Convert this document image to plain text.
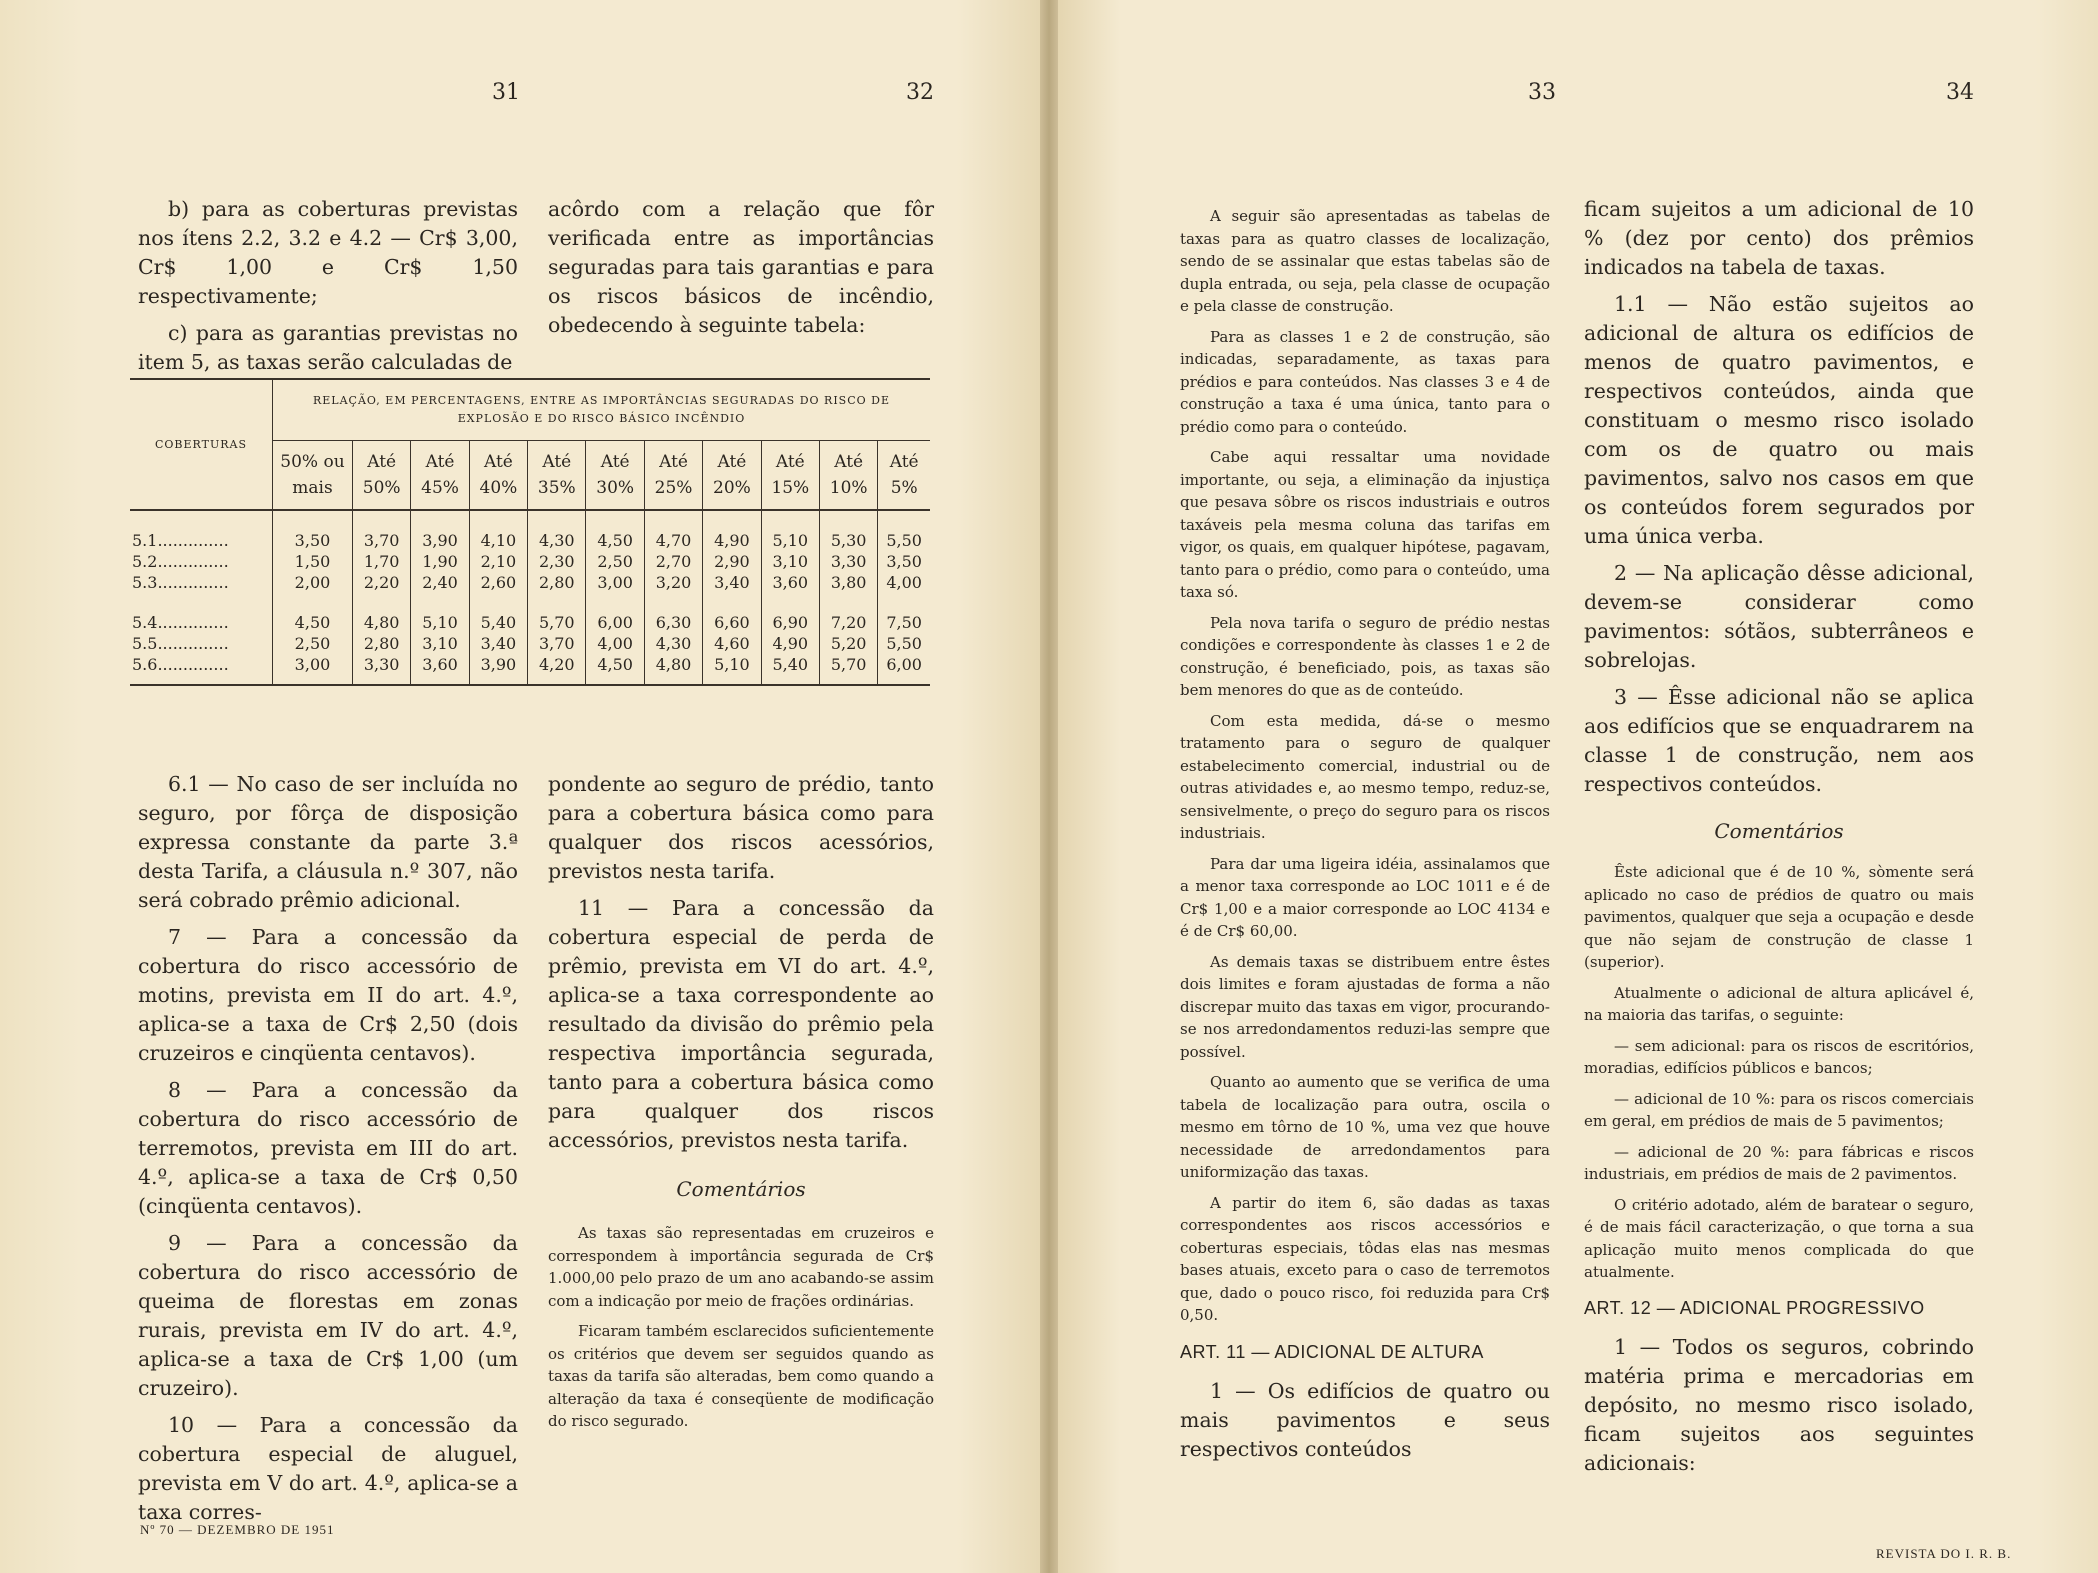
31	32

b) para as coberturas previstas nos ítens 2.2, 3.2 e 4.2 — Cr$ 3,00, Cr$ 1,00 e Cr$ 1,50 respectivamente;

c) para as garantias previstas no item 5, as taxas serão calculadas de

acôrdo com a relação que fôr verificada entre as importâncias seguradas para tais garantias e para os riscos básicos de incêndio, obedecendo à seguinte tabela:

COBERTURAS	RELAÇÃO, EM PERCENTAGENS, ENTRE AS IMPORTÂNCIAS SEGURADAS DO RISCO DE EXPLOSÃO E DO RISCO BÁSICO INCÊNDIO										
	50% ou mais	Até 50%	Até 45%	Até 40%	Até 35%	Até 30%	Até 25%	Até 20%	Até 15%	Até 10%	Até 5%
5.1..............	3,50	3,70	3,90	4,10	4,30	4,50	4,70	4,90	5,10	5,30	5,50
5.2..............	1,50	1,70	1,90	2,10	2,30	2,50	2,70	2,90	3,10	3,30	3,50
5.3..............	2,00	2,20	2,40	2,60	2,80	3,00	3,20	3,40	3,60	3,80	4,00
5.4..............	4,50	4,80	5,10	5,40	5,70	6,00	6,30	6,60	6,90	7,20	7,50
5.5..............	2,50	2,80	3,10	3,40	3,70	4,00	4,30	4,60	4,90	5,20	5,50
5.6..............	3,00	3,30	3,60	3,90	4,20	4,50	4,80	5,10	5,40	5,70	6,00

6.1 — No caso de ser incluída no seguro, por fôrça de disposição expressa constante da parte 3.ª desta Tarifa, a cláusula n.º 307, não será cobrado prêmio adicional.

7 — Para a concessão da cobertura do risco accessório de motins, prevista em II do art. 4.º, aplica-se a taxa de Cr$ 2,50 (dois cruzeiros e cinqüenta centavos).

8 — Para a concessão da cobertura do risco accessório de terremotos, prevista em III do art. 4.º, aplica-se a taxa de Cr$ 0,50 (cinqüenta centavos).

9 — Para a concessão da cobertura do risco accessório de queima de florestas em zonas rurais, prevista em IV do art. 4.º, aplica-se a taxa de Cr$ 1,00 (um cruzeiro).

10 — Para a concessão da cobertura especial de aluguel, prevista em V do art. 4.º, aplica-se a taxa corres-

pondente ao seguro de prédio, tanto para a cobertura básica como para qualquer dos riscos acessórios, previstos nesta tarifa.

11 — Para a concessão da cobertura especial de perda de prêmio, prevista em VI do art. 4.º, aplica-se a taxa correspondente ao resultado da divisão do prêmio pela respectiva importância segurada, tanto para a cobertura básica como para qualquer dos riscos accessórios, previstos nesta tarifa.

Comentários

As taxas são representadas em cruzeiros e correspondem à importância segurada de Cr$ 1.000,00 pelo prazo de um ano acabando-se assim com a indicação por meio de frações ordinárias.

Ficaram também esclarecidos suficientemente os critérios que devem ser seguidos quando as taxas da tarifa são alteradas, bem como quando a alteração da taxa é conseqüente de modificação do risco segurado.

Nº 70 — DEZEMBRO DE 1951
33	34

A seguir são apresentadas as tabelas de taxas para as quatro classes de localização, sendo de se assinalar que estas tabelas são de dupla entrada, ou seja, pela classe de ocupação e pela classe de construção.

Para as classes 1 e 2 de construção, são indicadas, separadamente, as taxas para prédios e para conteúdos. Nas classes 3 e 4 de construção a taxa é uma única, tanto para o prédio como para o conteúdo.

Cabe aqui ressaltar uma novidade importante, ou seja, a eliminação da injustiça que pesava sôbre os riscos industriais e outros taxáveis pela mesma coluna das tarifas em vigor, os quais, em qualquer hipótese, pagavam, tanto para o prédio, como para o conteúdo, uma taxa só.

Pela nova tarifa o seguro de prédio nestas condições e correspondente às classes 1 e 2 de construção, é beneficiado, pois, as taxas são bem menores do que as de conteúdo.

Com esta medida, dá-se o mesmo tratamento para o seguro de qualquer estabelecimento comercial, industrial ou de outras atividades e, ao mesmo tempo, reduz-se, sensivelmente, o preço do seguro para os riscos industriais.

Para dar uma ligeira idéia, assinalamos que a menor taxa corresponde ao LOC 1011 e é de Cr$ 1,00 e a maior corresponde ao LOC 4134 e é de Cr$ 60,00.

As demais taxas se distribuem entre êstes dois limites e foram ajustadas de forma a não discrepar muito das taxas em vigor, procurando-se nos arredondamentos reduzi-las sempre que possível.

Quanto ao aumento que se verifica de uma tabela de localização para outra, oscila o mesmo em tôrno de 10 %, uma vez que houve necessidade de arredondamentos para uniformização das taxas.

A partir do item 6, são dadas as taxas correspondentes aos riscos accessórios e coberturas especiais, tôdas elas nas mesmas bases atuais, exceto para o caso de terremotos que, dado o pouco risco, foi reduzida para Cr$ 0,50.

ART. 11 — ADICIONAL DE ALTURA

1 — Os edifícios de quatro ou mais pavimentos e seus respectivos conteúdos

ficam sujeitos a um adicional de 10 % (dez por cento) dos prêmios indicados na tabela de taxas.

1.1 — Não estão sujeitos ao adicional de altura os edifícios de menos de quatro pavimentos, e respectivos conteúdos, ainda que constituam o mesmo risco isolado com os de quatro ou mais pavimentos, salvo nos casos em que os conteúdos forem segurados por uma única verba.

2 — Na aplicação dêsse adicional, devem-se considerar como pavimentos: sótãos, subterrâneos e sobrelojas.

3 — Êsse adicional não se aplica aos edifícios que se enquadrarem na classe 1 de construção, nem aos respectivos conteúdos.

Comentários

Êste adicional que é de 10 %, sòmente será aplicado no caso de prédios de quatro ou mais pavimentos, qualquer que seja a ocupação e desde que não sejam de construção de classe 1 (superior).

Atualmente o adicional de altura aplicável é, na maioria das tarifas, o seguinte:

— sem adicional: para os riscos de escritórios, moradias, edifícios públicos e bancos;

— adicional de 10 %: para os riscos comerciais em geral, em prédios de mais de 5 pavimentos;

— adicional de 20 %: para fábricas e riscos industriais, em prédios de mais de 2 pavimentos.

O critério adotado, além de baratear o seguro, é de mais fácil caracterização, o que torna a sua aplicação muito menos complicada do que atualmente.

ART. 12 — ADICIONAL PROGRESSIVO

1 — Todos os seguros, cobrindo matéria prima e mercadorias em depósito, no mesmo risco isolado, ficam sujeitos aos seguintes adicionais:

REVISTA DO I. R. B.
